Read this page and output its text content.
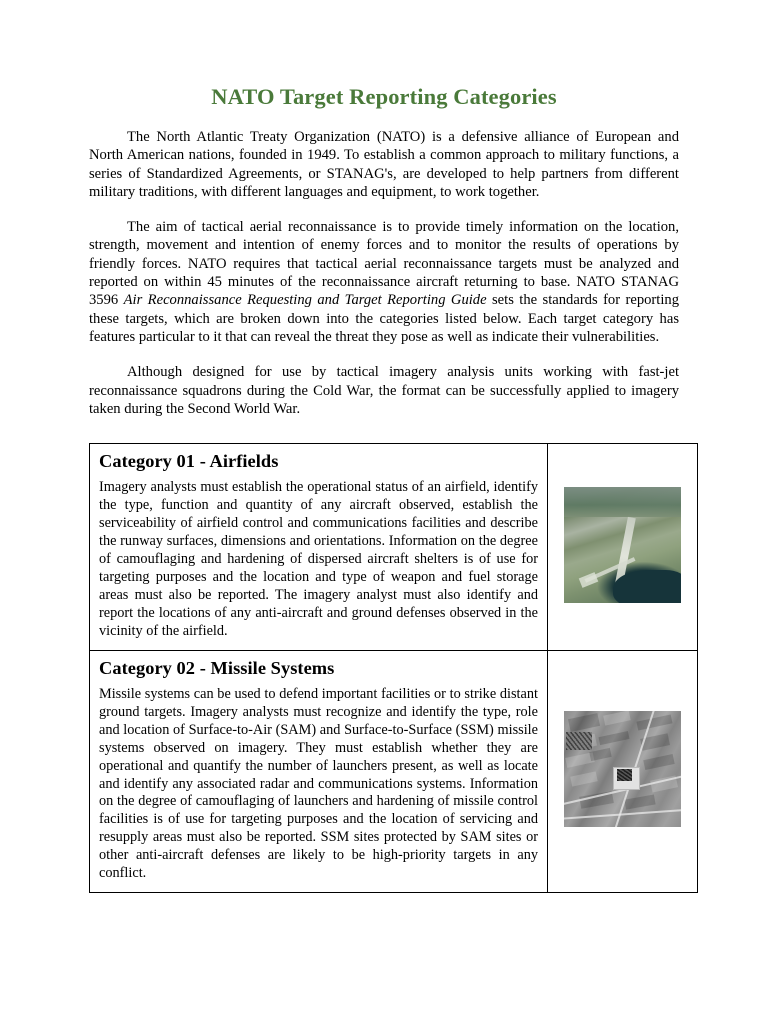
NATO Target Reporting Categories

The North Atlantic Treaty Organization (NATO) is a defensive alliance of European and North American nations, founded in 1949. To establish a common approach to military functions, a series of Standardized Agreements, or STANAG's, are developed to help partners from different military traditions, with different languages and equipment, to work together.

The aim of tactical aerial reconnaissance is to provide timely information on the location, strength, movement and intention of enemy forces and to monitor the results of operations by friendly forces. NATO requires that tactical aerial reconnaissance targets must be analyzed and reported on within 45 minutes of the reconnaissance aircraft returning to base. NATO STANAG 3596 Air Reconnaissance Requesting and Target Reporting Guide sets the standards for reporting these targets, which are broken down into the categories listed below. Each target category has features particular to it that can reveal the threat they pose as well as indicate their vulnerabilities.

Although designed for use by tactical imagery analysis units working with fast-jet reconnaissance squadrons during the Cold War, the format can be successfully applied to imagery taken during the Second World War.

Category 01 - Airfields

Imagery analysts must establish the operational status of an airfield, identify the type, function and quantity of any aircraft observed, establish the serviceability of airfield control and communications facilities and describe the runway surfaces, dimensions and orientations. Information on the degree of camouflaging and hardening of dispersed aircraft shelters is of use for targeting purposes and the location and type of weapon and fuel storage areas must also be reported. The imagery analyst must also identify and report the locations of any anti-aircraft and ground defenses observed in the vicinity of the airfield.	

Category 02 - Missile Systems

Missile systems can be used to defend important facilities or to strike distant ground targets. Imagery analysts must recognize and identify the type, role and location of Surface-to-Air (SAM) and Surface-to-Surface (SSM) missile systems observed on imagery. They must establish whether they are operational and quantify the number of launchers present, as well as locate and identify any associated radar and communications systems. Information on the degree of camouflaging of launchers and hardening of missile control facilities is of use for targeting purposes and the location of servicing and resupply areas must also be reported. SSM sites protected by SAM sites or other anti-aircraft defenses are likely to be high-priority targets in any conflict.	
